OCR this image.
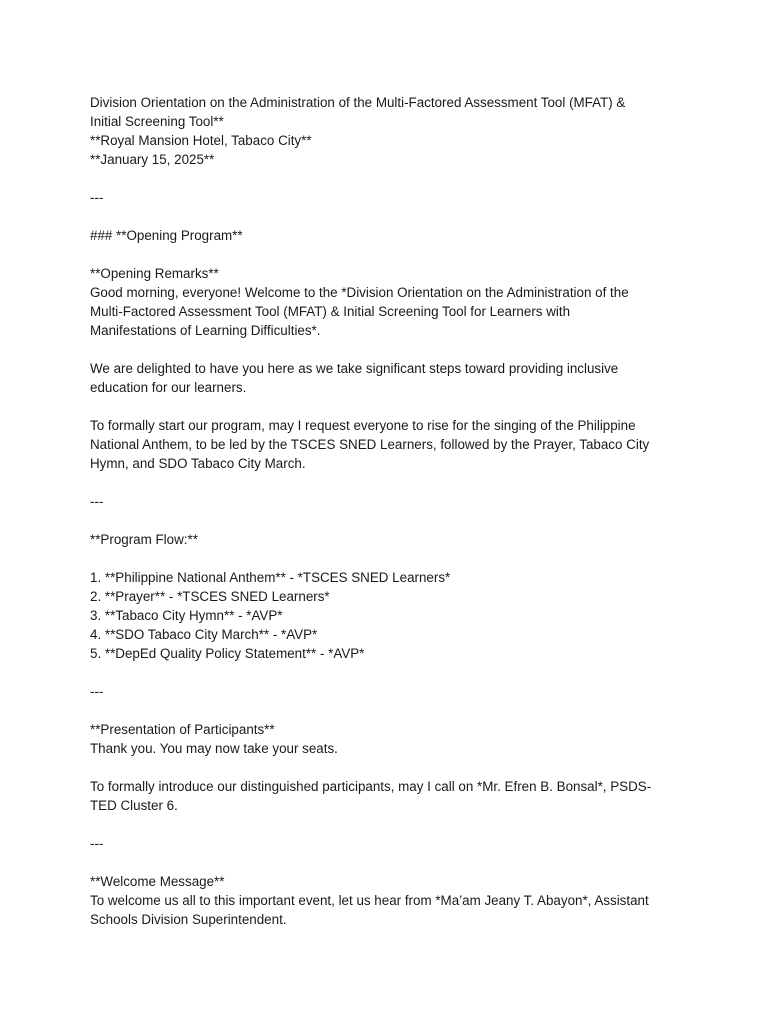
Division Orientation on the Administration of the Multi-Factored Assessment Tool (MFAT) &
Initial Screening Tool**
**Royal Mansion Hotel, Tabaco City**
**January 15, 2025**
---
### **Opening Program**
**Opening Remarks**
Good morning, everyone! Welcome to the *Division Orientation on the Administration of the
Multi-Factored Assessment Tool (MFAT) & Initial Screening Tool for Learners with
Manifestations of Learning Difficulties*.
We are delighted to have you here as we take significant steps toward providing inclusive
education for our learners.
To formally start our program, may I request everyone to rise for the singing of the Philippine
National Anthem, to be led by the TSCES SNED Learners, followed by the Prayer, Tabaco City
Hymn, and SDO Tabaco City March.
---
**Program Flow:**
1. **Philippine National Anthem** - *TSCES SNED Learners*
2. **Prayer** - *TSCES SNED Learners*
3. **Tabaco City Hymn** - *AVP*
4. **SDO Tabaco City March** - *AVP*
5. **DepEd Quality Policy Statement** - *AVP*
---
**Presentation of Participants**
Thank you. You may now take your seats.
To formally introduce our distinguished participants, may I call on *Mr. Efren B. Bonsal*, PSDS-
TED Cluster 6.
---
**Welcome Message**
To welcome us all to this important event, let us hear from *Ma’am Jeany T. Abayon*, Assistant
Schools Division Superintendent.
